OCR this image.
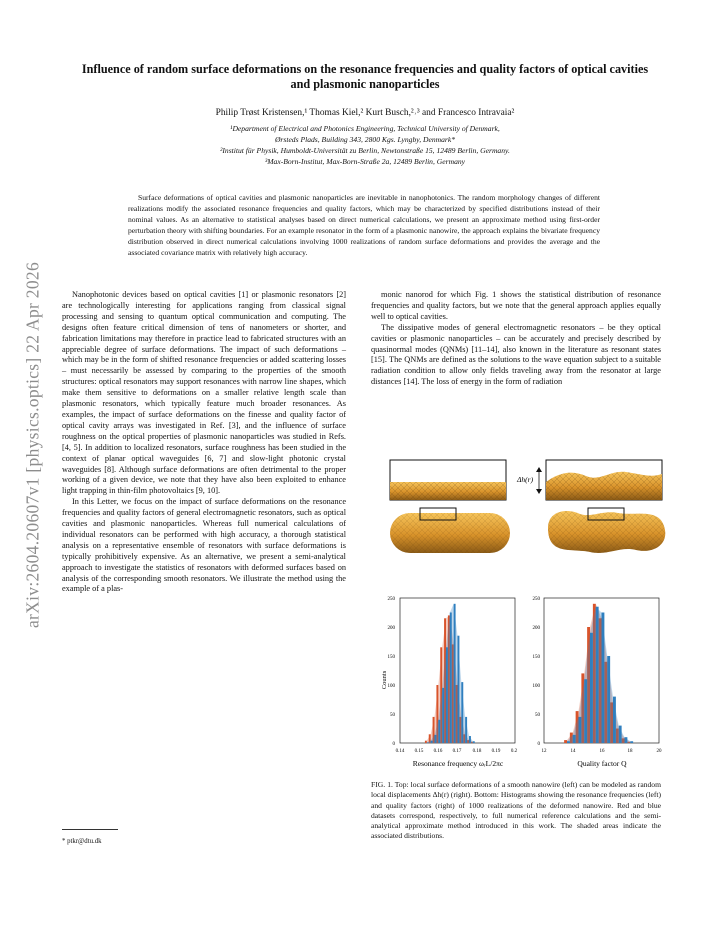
arXiv:2604.20607v1 [physics.optics] 22 Apr 2026
Influence of random surface deformations on the resonance frequencies and quality factors of optical cavities and plasmonic nanoparticles
Philip Trøst Kristensen,¹ Thomas Kiel,² Kurt Busch,²˒³ and Francesco Intravaia²
¹Department of Electrical and Photonics Engineering, Technical University of Denmark,
Ørsteds Plads, Building 343, 2800 Kgs. Lyngby, Denmark*
²Institut für Physik, Humboldt-Universität zu Berlin, Newtonstraße 15, 12489 Berlin, Germany.
³Max-Born-Institut, Max-Born-Straße 2a, 12489 Berlin, Germany
Surface deformations of optical cavities and plasmonic nanoparticles are inevitable in nanophotonics. The random morphology changes of different realizations modify the associated resonance frequencies and quality factors, which may be characterized by specified distributions instead of their nominal values. As an alternative to statistical analyses based on direct numerical calculations, we present an approximate method using first-order perturbation theory with shifting boundaries. For an example resonator in the form of a plasmonic nanowire, the approach explains the bivariate frequency distribution observed in direct numerical calculations involving 1000 realizations of random surface deformations and provides the average and the associated covariance matrix with relatively high accuracy.

Nanophotonic devices based on optical cavities [1] or plasmonic resonators [2] are technologically interesting for applications ranging from classical signal processing and sensing to quantum optical communication and computing. The designs often feature critical dimension of tens of nanometers or shorter, and fabrication limitations may therefore in practice lead to fabricated structures with an appreciable degree of surface deformations. The impact of such deformations – which may be in the form of shifted resonance frequencies or added scattering losses – must necessarily be assessed by comparing to the properties of the smooth structures: optical resonators may support resonances with narrow line shapes, which make them sensitive to deformations on a smaller relative length scale than plasmonic resonators, which typically feature much broader resonances. As examples, the impact of surface deformations on the finesse and quality factor of optical cavity arrays was investigated in Ref. [3], and the influence of surface roughness on the optical properties of plasmonic nanoparticles was studied in Refs. [4, 5]. In addition to localized resonators, surface roughness has been studied in the context of planar optical waveguides [6, 7] and slow-light photonic crystal waveguides [8]. Although surface deformations are often detrimental to the proper working of a given device, we note that they have also been exploited to enhance light trapping in thin-film photovoltaics [9, 10].

In this Letter, we focus on the impact of surface deformations on the resonance frequencies and quality factors of general electromagnetic resonators, such as optical cavities and plasmonic nanoparticles. Whereas full numerical calculations of individual resonators can be performed with high accuracy, a thorough statistical analysis on a representative ensemble of resonators with surface deformations is typically prohibitively expensive. As an alternative, we present a semi-analytical approach to investigate the statistics of resonators with deformed surfaces based on analysis of the corresponding smooth resonators. We illustrate the method using the example of a plas-

monic nanorod for which Fig. 1 shows the statistical distribution of resonance frequencies and quality factors, but we note that the general approach applies equally well to optical cavities.

The dissipative modes of general electromagnetic resonators – be they optical cavities or plasmonic nanoparticles – can be accurately and precisely described by quasinormal modes (QNMs) [11–14], also known in the literature as resonant states [15]. The QNMs are defined as the solutions to the wave equation subject to a suitable radiation condition to allow only fields traveling away from the resonator at large distances [14]. The loss of energy in the form of radiation

Δh(r)
0
50
100
150
200
250
0
50
100
150
200
250
0.14 0.15 0.16 0.17 0.18 0.19 0.2	12	14	16	18	20
Counts
Resonance frequency ωᵣL/2πc	Quality factor Q
FIG. 1. Top: local surface deformations of a smooth nanowire (left) can be modeled as random local displacements Δh(r) (right). Bottom: Histograms showing the resonance frequencies (left) and quality factors (right) of 1000 realizations of the deformed nanowire. Red and blue datasets correspond, respectively, to full numerical reference calculations and the semi-analytical approximate method introduced in this work. The shaded areas indicate the associated distributions.
* ptkr@dtu.dk
